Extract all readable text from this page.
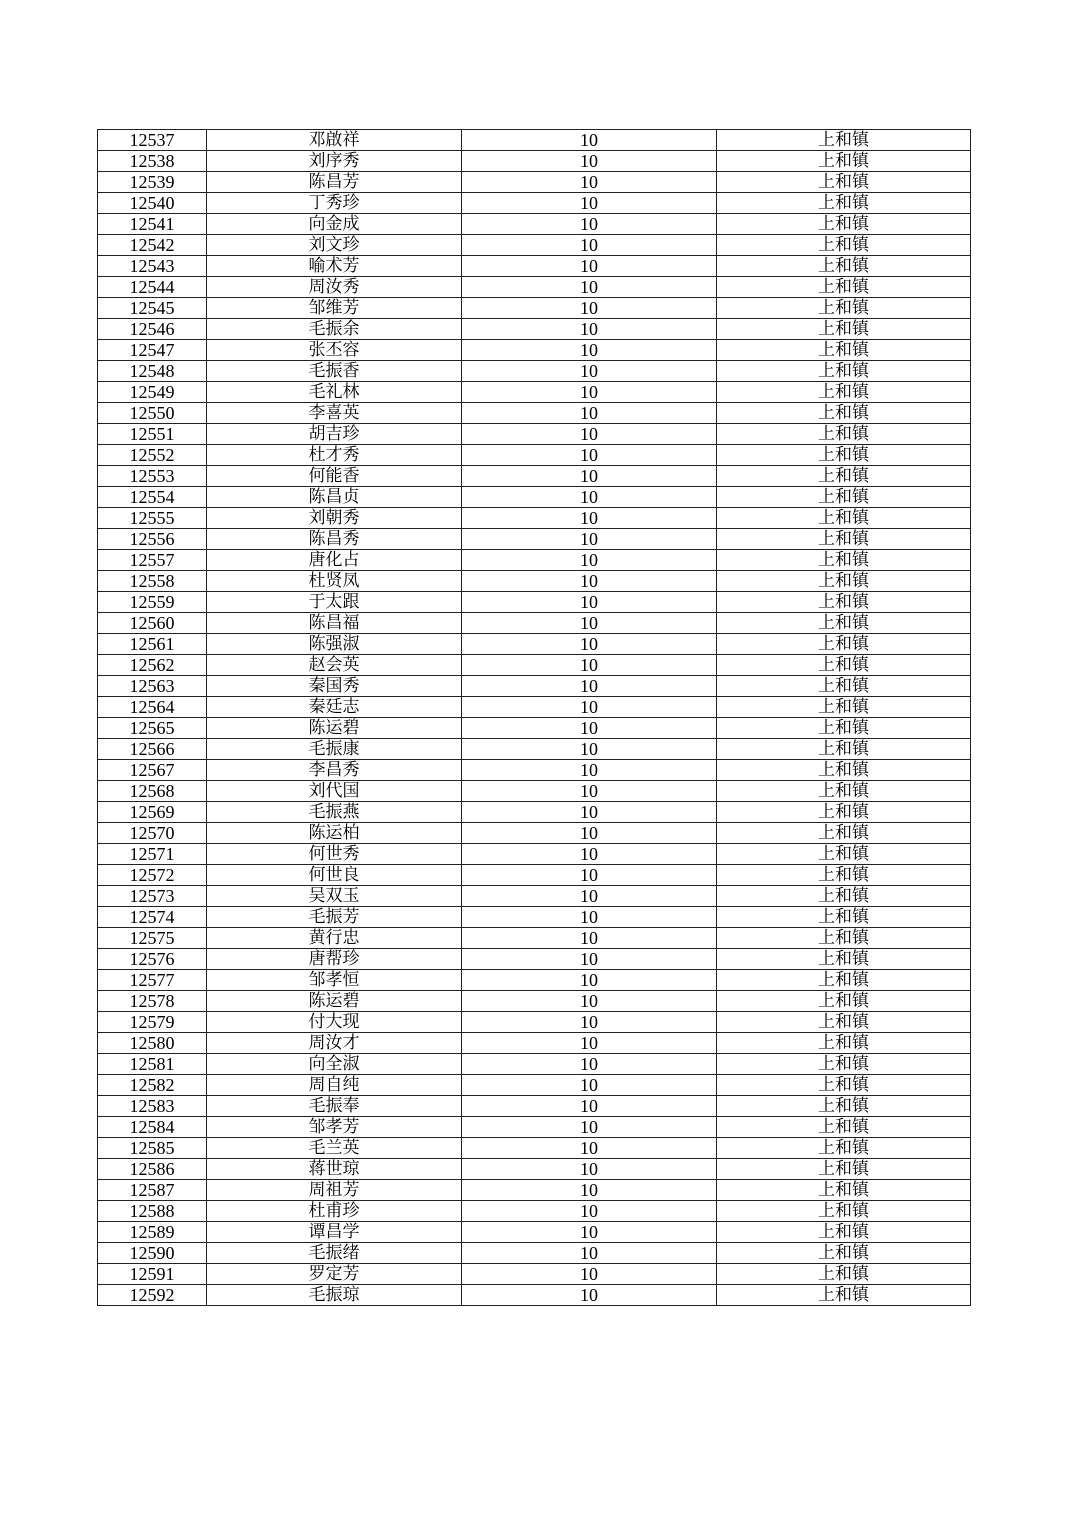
12537	邓啟祥	10	上和镇
12538	刘序秀	10	上和镇
12539	陈昌芳	10	上和镇
12540	丁秀珍	10	上和镇
12541	向金成	10	上和镇
12542	刘文珍	10	上和镇
12543	喻术芳	10	上和镇
12544	周汝秀	10	上和镇
12545	邹维芳	10	上和镇
12546	毛振余	10	上和镇
12547	张丕容	10	上和镇
12548	毛振香	10	上和镇
12549	毛礼林	10	上和镇
12550	李喜英	10	上和镇
12551	胡吉珍	10	上和镇
12552	杜才秀	10	上和镇
12553	何能香	10	上和镇
12554	陈昌贞	10	上和镇
12555	刘朝秀	10	上和镇
12556	陈昌秀	10	上和镇
12557	唐化占	10	上和镇
12558	杜贤凤	10	上和镇
12559	于太跟	10	上和镇
12560	陈昌福	10	上和镇
12561	陈强淑	10	上和镇
12562	赵会英	10	上和镇
12563	秦国秀	10	上和镇
12564	秦廷志	10	上和镇
12565	陈运碧	10	上和镇
12566	毛振康	10	上和镇
12567	李昌秀	10	上和镇
12568	刘代国	10	上和镇
12569	毛振燕	10	上和镇
12570	陈运柏	10	上和镇
12571	何世秀	10	上和镇
12572	何世良	10	上和镇
12573	吴双玉	10	上和镇
12574	毛振芳	10	上和镇
12575	黄行忠	10	上和镇
12576	唐帮珍	10	上和镇
12577	邹孝恒	10	上和镇
12578	陈运碧	10	上和镇
12579	付大现	10	上和镇
12580	周汝才	10	上和镇
12581	向全淑	10	上和镇
12582	周自纯	10	上和镇
12583	毛振奉	10	上和镇
12584	邹孝芳	10	上和镇
12585	毛兰英	10	上和镇
12586	蒋世琼	10	上和镇
12587	周祖芳	10	上和镇
12588	杜甫珍	10	上和镇
12589	谭昌学	10	上和镇
12590	毛振绪	10	上和镇
12591	罗定芳	10	上和镇
12592	毛振琼	10	上和镇
